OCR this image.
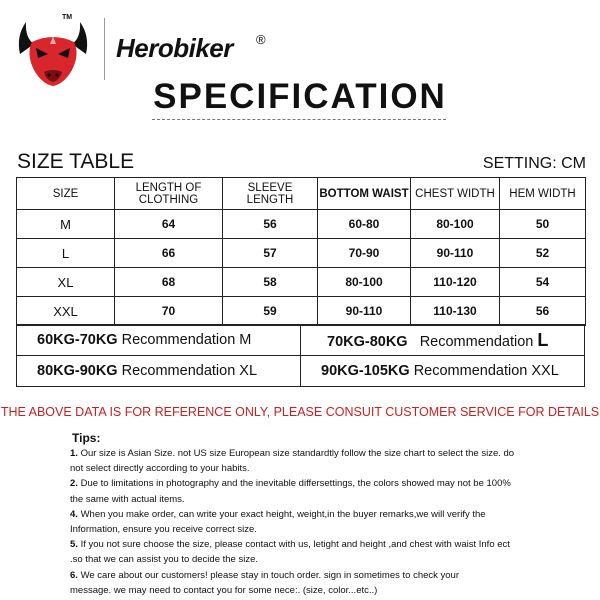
TM
Herobiker ®
SPECIFICATION
SIZE TABLE	SETTING: CM
SIZE	LENGTH OF CLOTHING	SLEEVE LENGTH	BOTTOM WAIST	CHEST WIDTH	HEM WIDTH
M	64	56	60-80	80-100	50
L	66	57	70-90	90-110	52
XL	68	58	80-100	110-120	54
XXL	70	59	90-110	110-130	56
60KG-70KG Recommendation M	70KG-80KG Recommendation L
80KG-90KG Recommendation XL	90KG-105KG Recommendation XXL
THE ABOVE DATA IS FOR REFERENCE ONLY, PLEASE CONSUIT CUSTOMER SERVICE FOR DETAILS
Tips:
1. Our size is Asian Size. not US size European size standardtly follow the size chart to select the size. do
not select directly according to your habits.
2. Due to limitations in photography and the inevitable differsettings, the colors showed may not be 100%
the same with actual items.
4. When you make order, can write your exact height, weight,in the buyer remarks,we will verify the
Information, ensure you receive correct size.
5. If you not sure choose the size, please contact with us, letight and height ,and chest with waist Info ect
.so that we can assist you to decide the size.
6. We care about our customers! please stay in touch order. sign in sometimes to check your
message. we may need to contact you for some nece:. (size, color...etc..)
